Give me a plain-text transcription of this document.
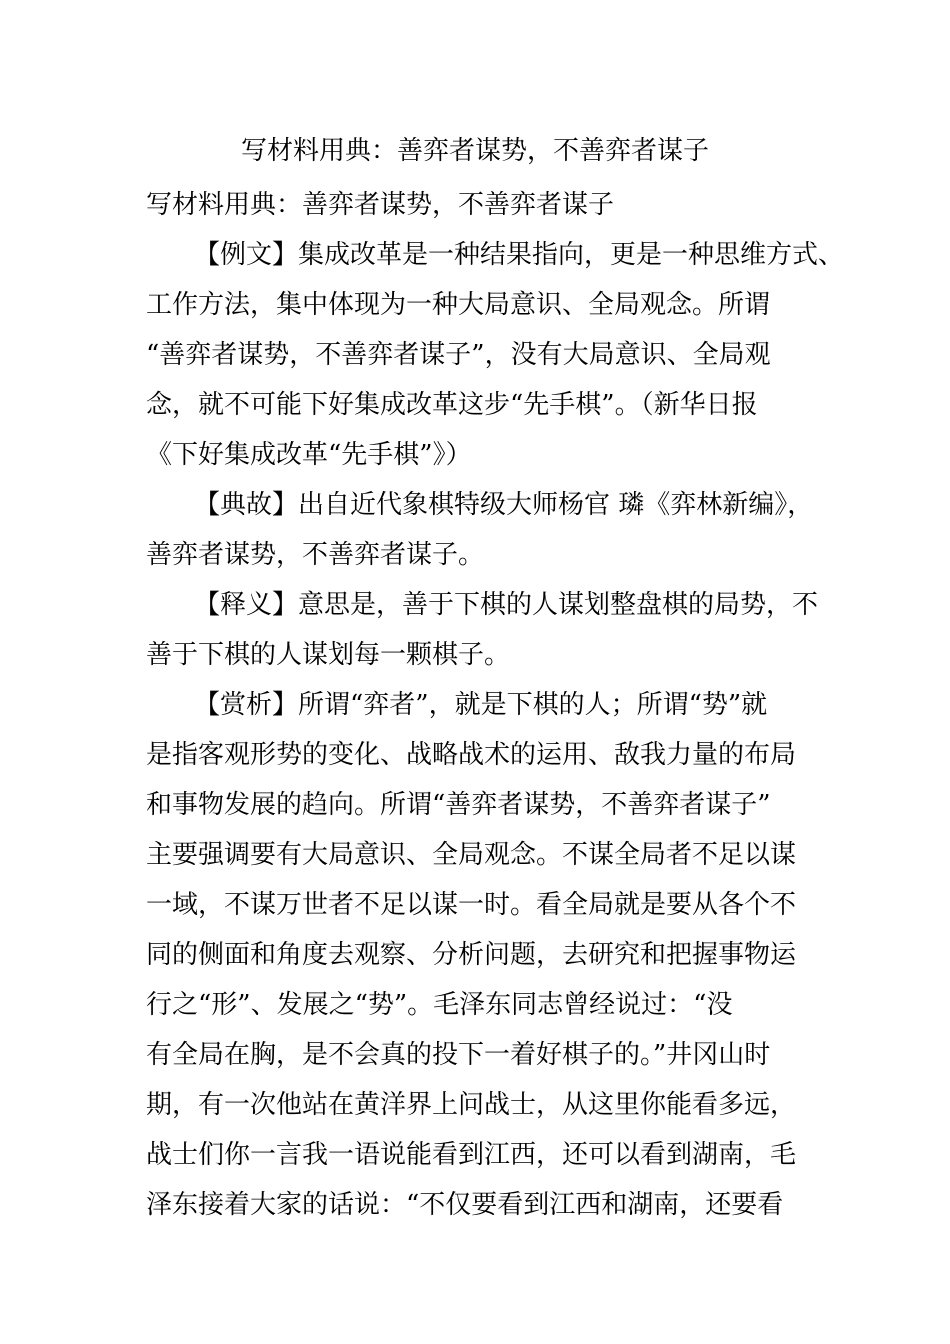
写材料用典：善弈者谋势，不善弈者谋子
写材料用典：善弈者谋势，不善弈者谋子
【例文】集成改革是一种结果指向，更是一种思维方式、
工作方法，集中体现为一种大局意识、全局观念。所谓
“善弈者谋势，不善弈者谋子”，没有大局意识、全局观
念，就不可能下好集成改革这步“先手棋”。（新华日报
《下好集成改革“先手棋”》）
【典故】出自近代象棋特级大师杨官 璘《弈林新编》，
善弈者谋势，不善弈者谋子。
【释义】意思是，善于下棋的人谋划整盘棋的局势，不
善于下棋的人谋划每一颗棋子。
【赏析】所谓“弈者”，就是下棋的人；所谓“势”就
是指客观形势的变化、战略战术的运用、敌我力量的布局
和事物发展的趋向。所谓“善弈者谋势，不善弈者谋子”
主要强调要有大局意识、全局观念。不谋全局者不足以谋
一域，不谋万世者不足以谋一时。看全局就是要从各个不
同的侧面和角度去观察、分析问题，去研究和把握事物运
行之“形”、发展之“势”。毛泽东同志曾经说过：“没
有全局在胸，是不会真的投下一着好棋子的。”井冈山时
期，有一次他站在黄洋界上问战士，从这里你能看多远，
战士们你一言我一语说能看到江西，还可以看到湖南，毛
泽东接着大家的话说：“不仅要看到江西和湖南，还要看
